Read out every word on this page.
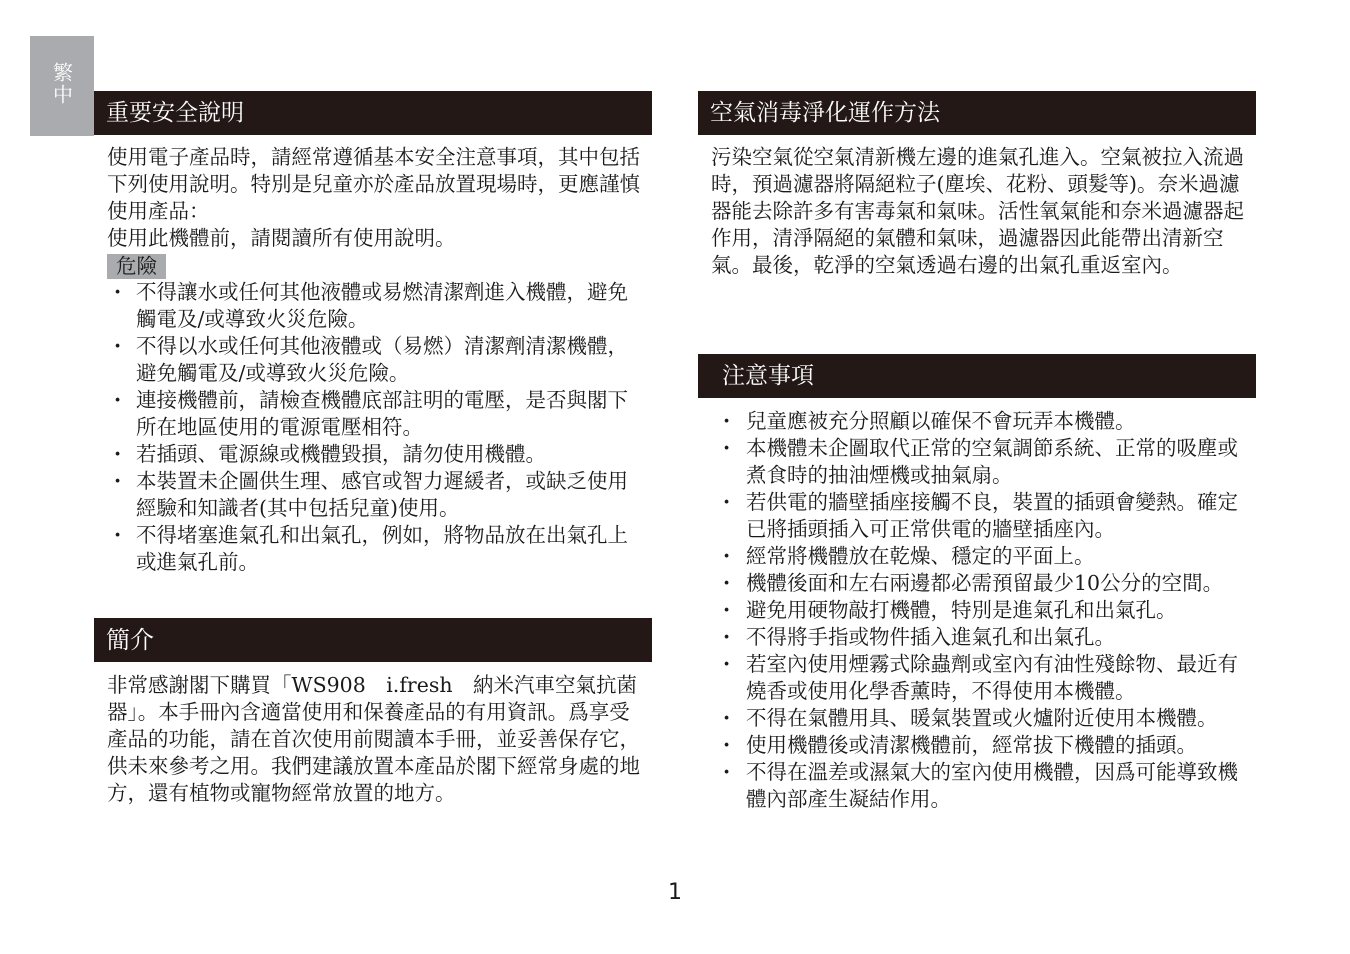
繁中
重要安全說明

使用電子產品時，請經常遵循基本安全注意事項，其中包括下列使用說明。特別是兒童亦於產品放置現場時，更應謹慎使用產品：

使用此機體前，請閱讀所有使用說明。

危險
· 不得讓水或任何其他液體或易燃清潔劑進入機體，避免觸電及/或導致火災危險。
· 不得以水或任何其他液體或（易燃）清潔劑清潔機體，避免觸電及/或導致火災危險。
· 連接機體前，請檢查機體底部註明的電壓，是否與閣下所在地區使用的電源電壓相符。
· 若插頭、電源線或機體毀損，請勿使用機體。
· 本裝置未企圖供生理、感官或智力遲緩者，或缺乏使用經驗和知識者(其中包括兒童)使用。
· 不得堵塞進氣孔和出氣孔，例如，將物品放在出氣孔上或進氣孔前。
簡介

非常感謝閣下購買「WS908　i.fresh　納米汽車空氣抗菌器」。本手冊內含適當使用和保養產品的有用資訊。爲享受產品的功能，請在首次使用前閱讀本手冊，並妥善保存它，供未來參考之用。我們建議放置本產品於閣下經常身處的地方，還有植物或寵物經常放置的地方。

空氣消毒淨化運作方法

污染空氣從空氣清新機左邊的進氣孔進入。空氣被拉入流過時，預過濾器將隔絕粒子(塵埃、花粉、頭髮等)。奈米過濾器能去除許多有害毒氣和氣味。活性氧氣能和奈米過濾器起作用，清淨隔絕的氣體和氣味，過濾器因此能帶出清新空氣。最後，乾淨的空氣透過右邊的出氣孔重返室內。

注意事項
· 兒童應被充分照顧以確保不會玩弄本機體。
· 本機體未企圖取代正常的空氣調節系統、正常的吸塵或煮食時的抽油煙機或抽氣扇。
· 若供電的牆壁插座接觸不良，裝置的插頭會變熱。確定已將插頭插入可正常供電的牆壁插座內。
· 經常將機體放在乾燥、穩定的平面上。
· 機體後面和左右兩邊都必需預留最少10公分的空間。
· 避免用硬物敲打機體，特別是進氣孔和出氣孔。
· 不得將手指或物件插入進氣孔和出氣孔。
· 若室內使用煙霧式除蟲劑或室內有油性殘餘物、最近有燒香或使用化學香薰時，不得使用本機體。
· 不得在氣體用具、暖氣裝置或火爐附近使用本機體。
· 使用機體後或清潔機體前，經常拔下機體的插頭。
· 不得在溫差或濕氣大的室內使用機體，因爲可能導致機體內部產生凝結作用。
1
